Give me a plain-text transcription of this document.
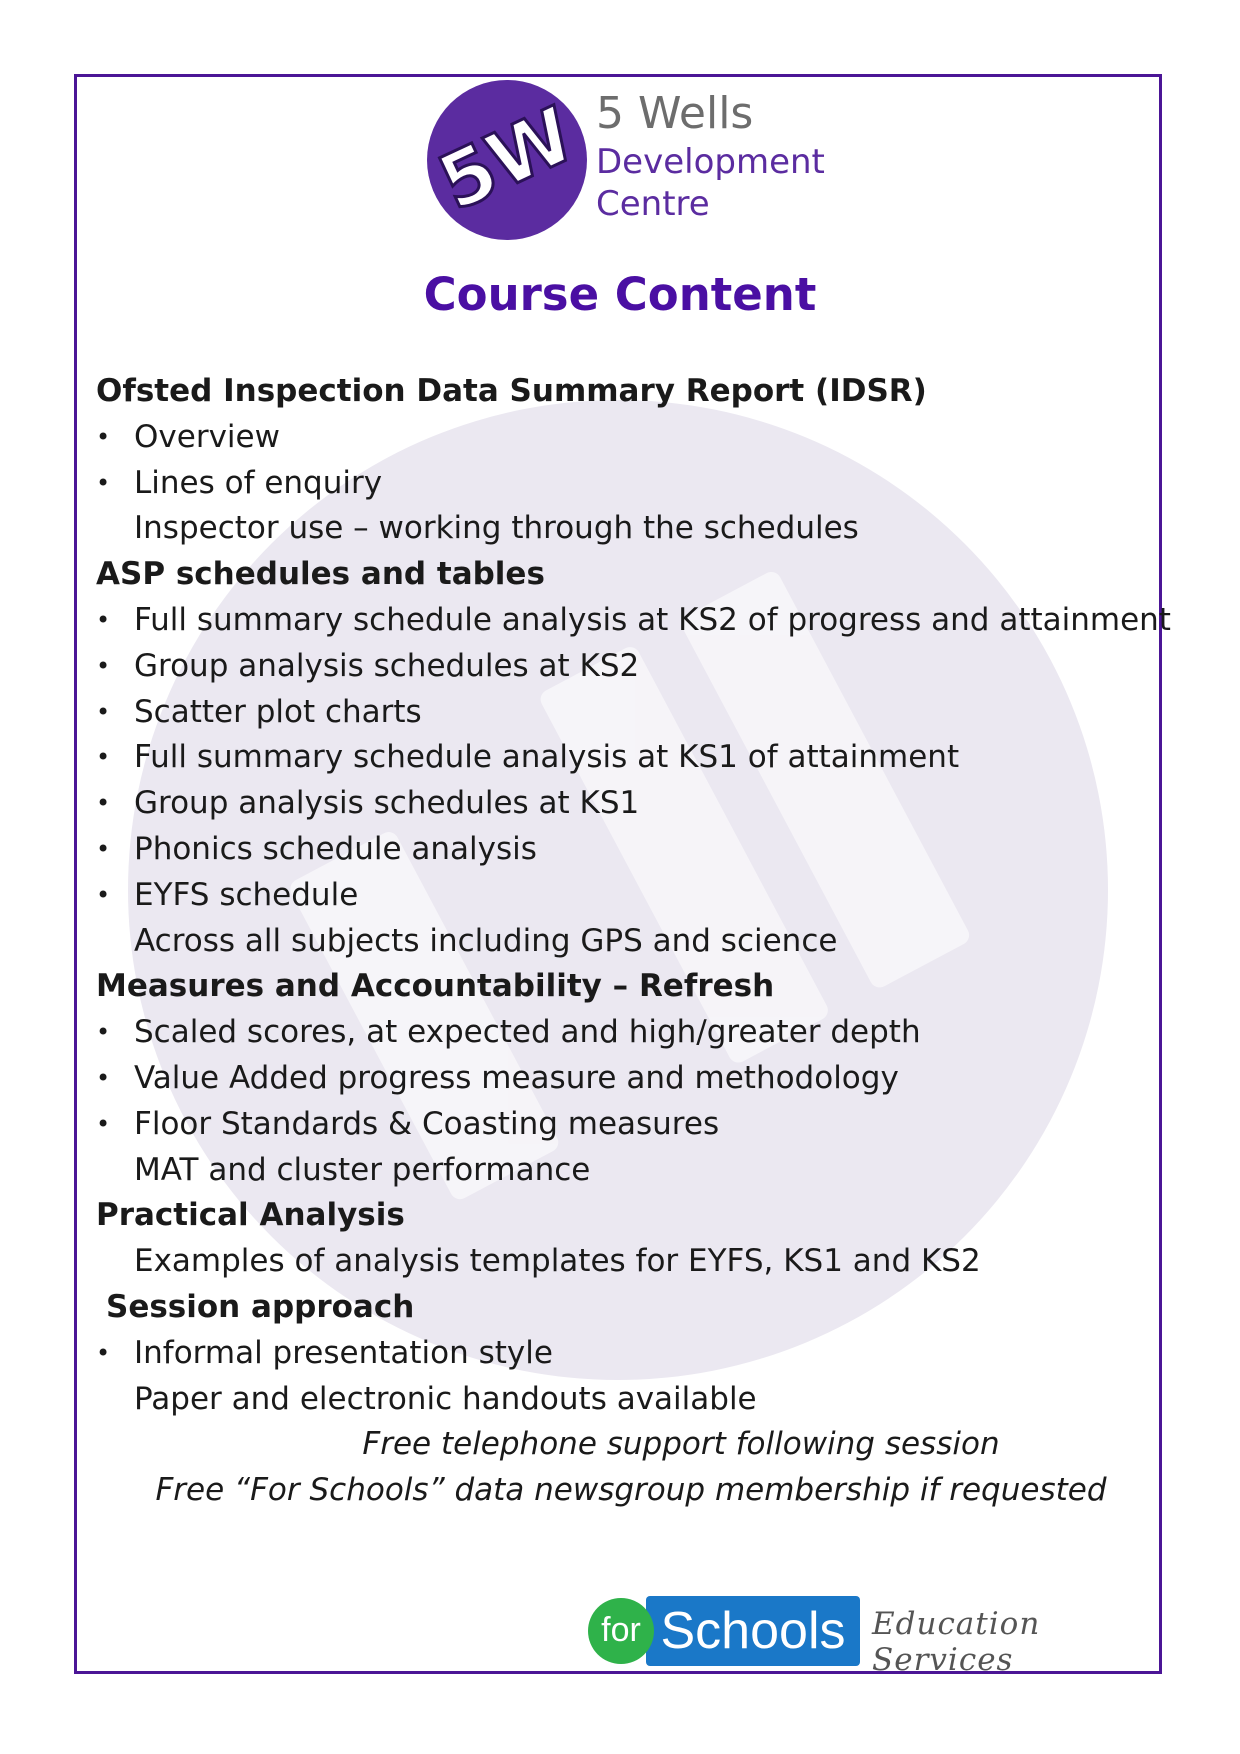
5W 5 Wells
Development
Centre
Course Content
Ofsted Inspection Data Summary Report (IDSR)
• Overview
• Lines of enquiry
Inspector use – working through the schedules
ASP schedules and tables
• Full summary schedule analysis at KS2 of progress and attainment
• Group analysis schedules at KS2
• Scatter plot charts
• Full summary schedule analysis at KS1 of attainment
• Group analysis schedules at KS1
• Phonics schedule analysis
• EYFS schedule
Across all subjects including GPS and science
Measures and Accountability – Refresh
• Scaled scores, at expected and high/greater depth
• Value Added progress measure and methodology
• Floor Standards & Coasting measures
MAT and cluster performance
Practical Analysis
Examples of analysis templates for EYFS, KS1 and KS2
Session approach
• Informal presentation style
Paper and electronic handouts available
Free telephone support following session
Free “For Schools” data newsgroup membership if requested
Schools
for	Education Services
